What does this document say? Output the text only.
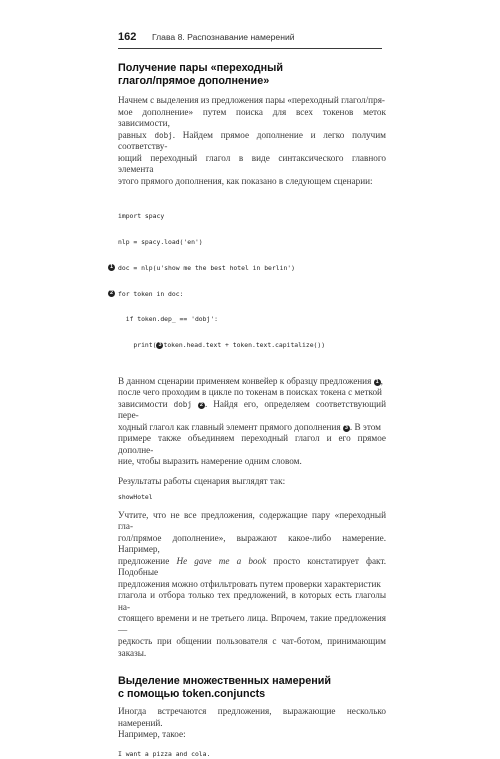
162 Глава 8. Распознавание намерений
Получение пары «переходный
глагол/прямое дополнение»
Начнем с выделения из предложения пары «переходный глагол/пря-
мое дополнение» путем поиска для всех токенов меток зависимости,
равных dobj. Найдем прямое дополнение и легко получим соответству-
ющий переходный глагол в виде синтаксического главного элемента
этого прямого дополнения, как показано в следующем сценарии:

import spacy

nlp = spacy.load('en')

1 doc = nlp(u'show me the best hotel in berlin')

2 for token in doc:

if token.dep_ == 'dobj':

print( 3 token.head.text + token.text.capitalize())

В данном сценарии применяем конвейер к образцу предложения 1 ,
после чего проходим в цикле по токенам в поисках токена с меткой
зависимости dobj 2 . Найдя его, определяем соответствующий пере-
ходный глагол как главный элемент прямого дополнения 3 . В этом
примере также объединяем переходный глагол и его прямое дополне-
ние, чтобы выразить намерение одним словом.
Результаты работы сценария выглядят так:
showHotel
Учтите, что не все предложения, содержащие пару «переходный гла-
гол/прямое дополнение», выражают какое-либо намерение. Например,
предложение He gave me a book просто констатирует факт. Подобные
предложения можно отфильтровать путем проверки характеристик
глагола и отбора только тех предложений, в которых есть глаголы на-
стоящего времени и не третьего лица. Впрочем, такие предложения —
редкость при общении пользователя с чат-ботом, принимающим заказы.
Выделение множественных намерений
с помощью token.conjuncts
Иногда встречаются предложения, выражающие несколько намерений.
Например, такое:
I want a pizza and cola.
